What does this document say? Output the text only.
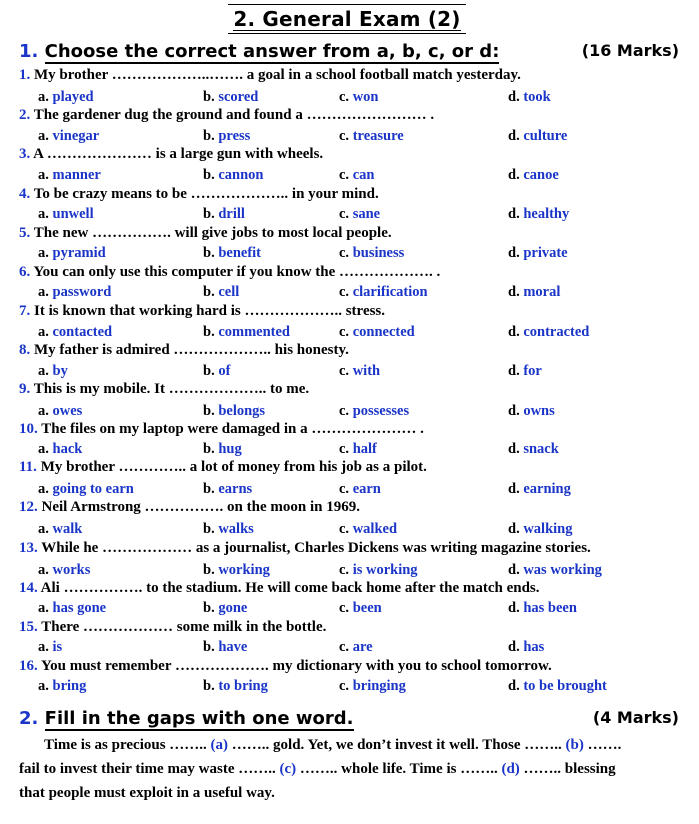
2. General Exam (2)
1. Choose the correct answer from a, b, c, or d:	(16 Marks)
1. My brother ………………..……. a goal in a school football match yesterday.
a. played	b. scored	c. won	d. took
2. The gardener dug the ground and found a …………………… .
a. vinegar	b. press	c. treasure	d. culture
3. A ………………… is a large gun with wheels.
a. manner	b. cannon	c. can	d. canoe
4. To be crazy means to be ……………….. in your mind.
a. unwell	b. drill	c. sane	d. healthy
5. The new ……………. will give jobs to most local people.
a. pyramid	b. benefit	c. business	d. private
6. You can only use this computer if you know the ………………. .
a. password	b. cell	c. clarification	d. moral
7. It is known that working hard is ……………….. stress.
a. contacted	b. commented	c. connected	d. contracted
8. My father is admired ……………….. his honesty.
a. by	b. of	c. with	d. for
9. This is my mobile. It ……………….. to me.
a. owes	b. belongs	c. possesses	d. owns
10. The files on my laptop were damaged in a ………………… .
a. hack	b. hug	c. half	d. snack
11. My brother ………….. a lot of money from his job as a pilot.
a. going to earn	b. earns	c. earn	d. earning
12. Neil Armstrong ……………. on the moon in 1969.
a. walk	b. walks	c. walked	d. walking
13. While he ……………… as a journalist, Charles Dickens was writing magazine stories.
a. works	b. working	c. is working	d. was working
14. Ali ……………. to the stadium. He will come back home after the match ends.
a. has gone	b. gone	c. been	d. has been
15. There ……………… some milk in the bottle.
a. is	b. have	c. are	d. has
16. You must remember ………………. my dictionary with you to school tomorrow.
a. bring	b. to bring	c. bringing	d. to be brought
2. Fill in the gaps with one word.	(4 Marks)
Time is as precious …….. (a) …….. gold. Yet, we don’t invest it well. Those …….. (b) …….
fail to invest their time may waste …….. (c) …….. whole life. Time is …….. (d) …….. blessing
that people must exploit in a useful way.
